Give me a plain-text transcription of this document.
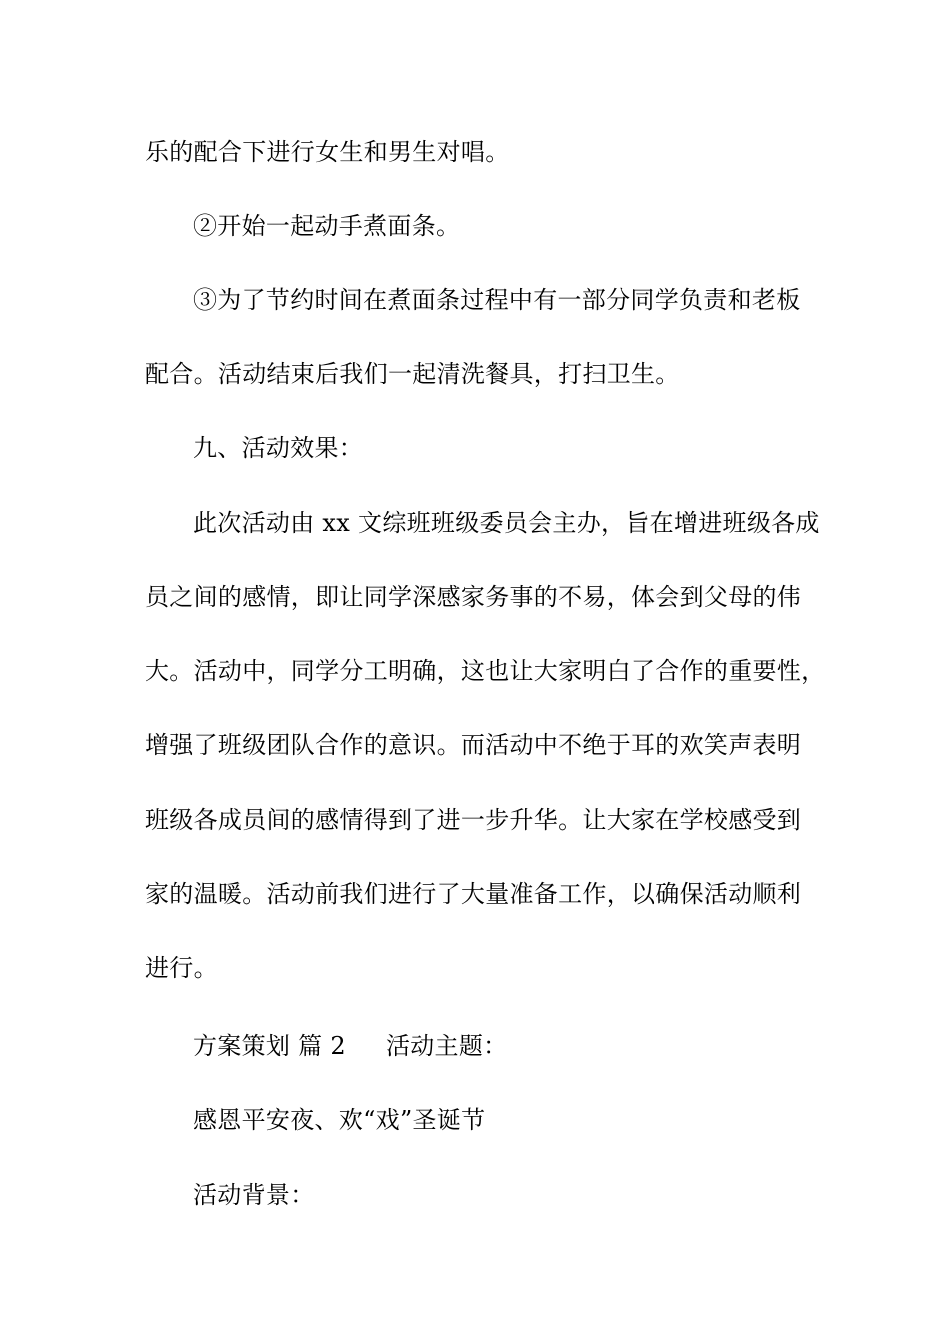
乐的配合下进行女生和男生对唱。
②开始一起动手煮面条。
③为了节约时间在煮面条过程中有一部分同学负责和老板
配合。活动结束后我们一起清洗餐具，打扫卫生。
九、活动效果：
此次活动由 xx 文综班班级委员会主办，旨在增进班级各成
员之间的感情，即让同学深感家务事的不易，体会到父母的伟
大。活动中，同学分工明确，这也让大家明白了合作的重要性，
增强了班级团队合作的意识。而活动中不绝于耳的欢笑声表明
班级各成员间的感情得到了进一步升华。让大家在学校感受到
家的温暖。活动前我们进行了大量准备工作，以确保活动顺利
进行。
方案策划 篇 2 活动主题：
感恩平安夜、欢“戏”圣诞节
活动背景：
